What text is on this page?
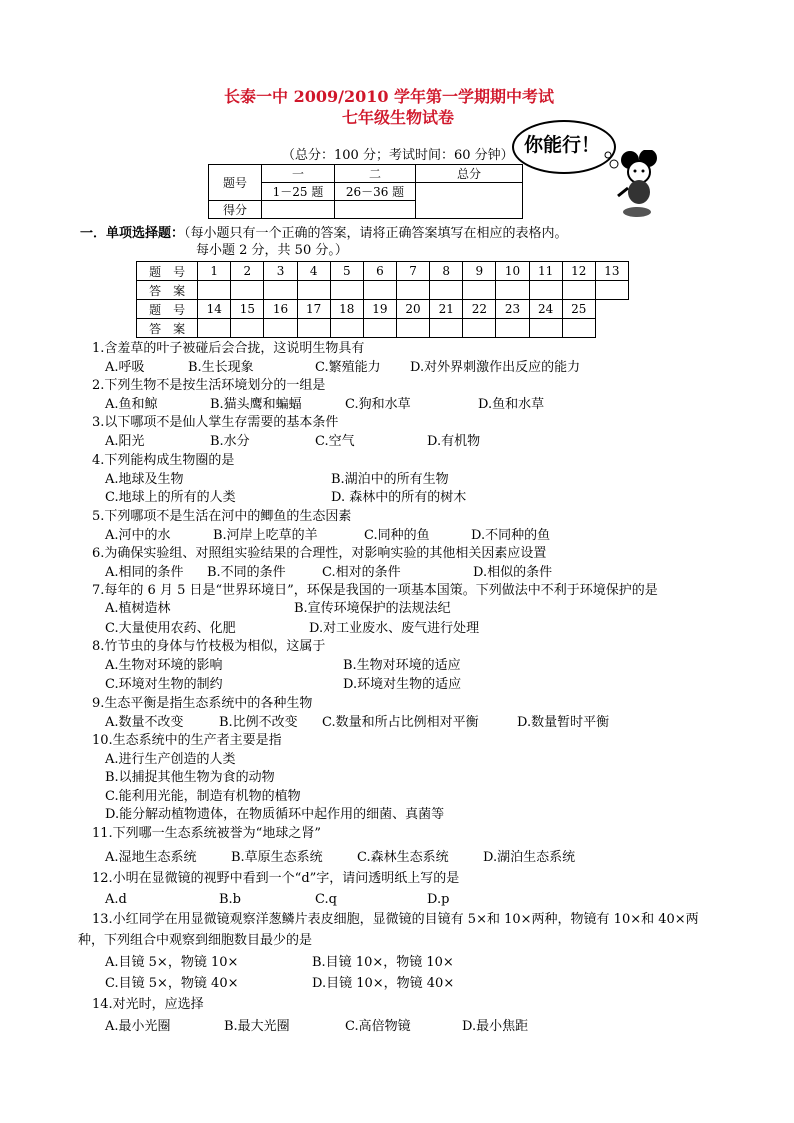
长泰一中 2009/2010 学年第一学期期中考试
七年级生物试卷
（总分：100 分；考试时间：60 分钟） 你能行！
题号	一	二	总分
	1－25 题	26－36 题	
得分			
一．单项选择题：（每小题只有一个正确的答案，请将正确答案填写在相应的表格内。
每小题 2 分，共 50 分。）
题　号	1	2	3	4	5	6	7	8	9	10	11	12	13
答　案													
题　号	14	15	16	17	18	19	20	21	22	23	24	25	
答　案													
1.含羞草的叶子被碰后会合拢，这说明生物具有
A.呼吸	B.生长现象	C.繁殖能力 D.对外界刺激作出反应的能力
2.下列生物不是按生活环境划分的一组是
A.鱼和鲸	B.猫头鹰和蝙蝠	C.狗和水草	D.鱼和水草
3.以下哪项不是仙人掌生存需要的基本条件
A.阳光	B.水分	C.空气	D.有机物
4.下列能构成生物圈的是
A.地球及生物	B.湖泊中的所有生物
C.地球上的所有的人类	D. 森林中的所有的树木
5.下列哪项不是生活在河中的鲫鱼的生态因素
A.河中的水	B.河岸上吃草的羊	C.同种的鱼	D.不同种的鱼
6.为确保实验组、对照组实验结果的合理性，对影响实验的其他相关因素应设置
A.相同的条件 B.不同的条件	C.相对的条件	D.相似的条件
7.每年的 6 月 5 日是“世界环境日”，环保是我国的一项基本国策。下列做法中不利于环境保护的是
A.植树造林	B.宣传环境保护的法规法纪
C.大量使用农药、化肥	D.对工业废水、废气进行处理
8.竹节虫的身体与竹枝极为相似，这属于
A.生物对环境的影响	B.生物对环境的适应
C.环境对生物的制约	D.环境对生物的适应
9.生态平衡是指生态系统中的各种生物
A.数量不改变	B.比例不改变 C.数量和所占比例相对平衡	D.数量暂时平衡
10.生态系统中的生产者主要是指
A.进行生产创造的人类
B.以捕捉其他生物为食的动物
C.能利用光能，制造有机物的植物
D.能分解动植物遗体，在物质循环中起作用的细菌、真菌等
11.下列哪一生态系统被誉为“地球之肾”
A.湿地生态系统	B.草原生态系统	C.森林生态系统	D.湖泊生态系统
12.小明在显微镜的视野中看到一个“d”字，请问透明纸上写的是
A.d	B.b	C.q	D.p
13.小红同学在用显微镜观察洋葱鳞片表皮细胞，显微镜的目镜有 5×和 10×两种，物镜有 10×和 40×两
种，下列组合中观察到细胞数目最少的是
A.目镜 5×，物镜 10×	B.目镜 10×，物镜 10×
C.目镜 5×，物镜 40×	D.目镜 10×，物镜 40×
14.对光时，应选择
A.最小光圈	B.最大光圈	C.高倍物镜	D.最小焦距
